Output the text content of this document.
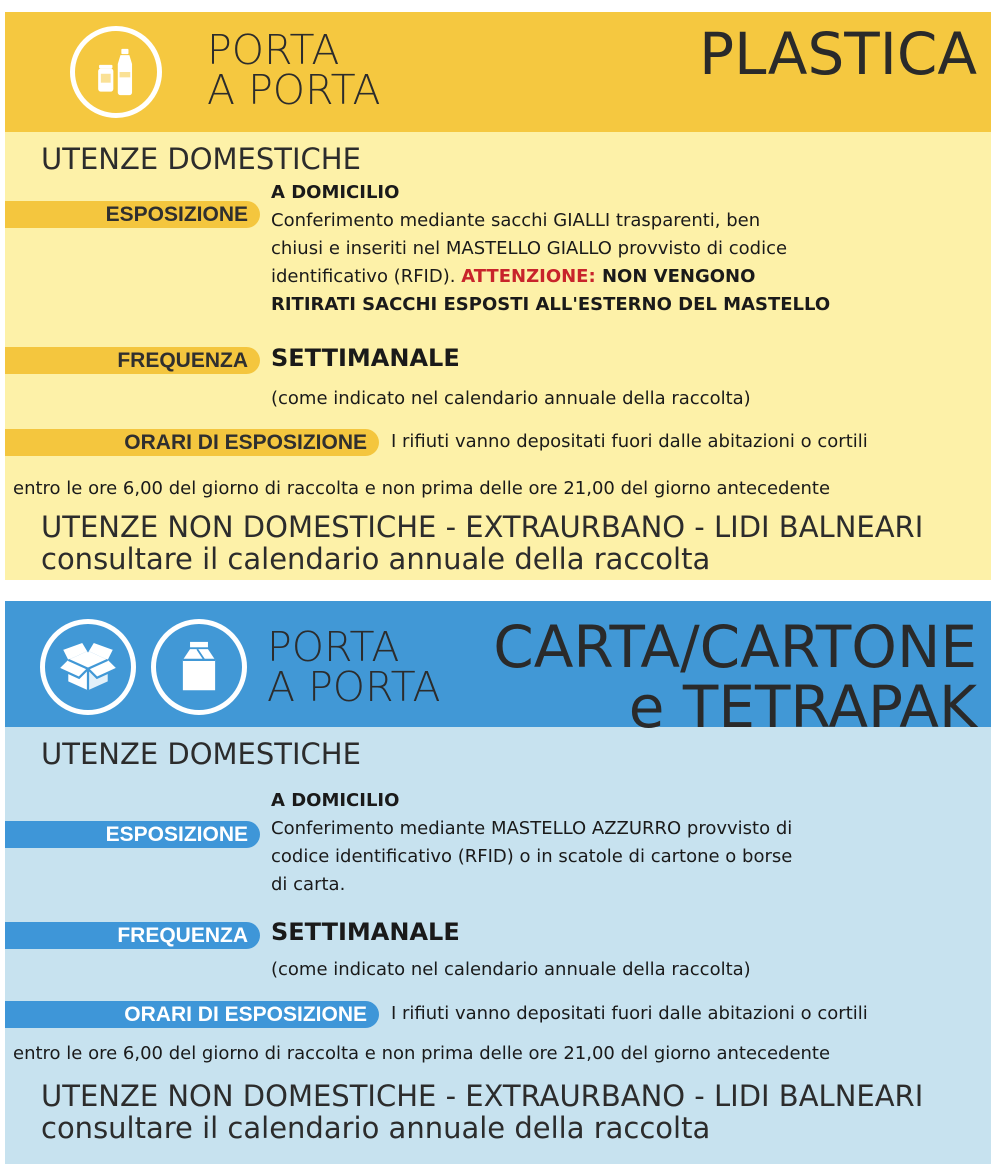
PORTA
A PORTA
PLASTICA
UTENZE DOMESTICHE
ESPOSIZIONE
A DOMICILIO
Conferimento mediante sacchi GIALLI trasparenti, ben
chiusi e inseriti nel MASTELLO GIALLO provvisto di codice
identificativo (RFID). ATTENZIONE: NON VENGONO
RITIRATI SACCHI ESPOSTI ALL'ESTERNO DEL MASTELLO
FREQUENZA SETTIMANALE
(come indicato nel calendario annuale della raccolta)
ORARI DI ESPOSIZIONE	I rifiuti vanno depositati fuori dalle abitazioni o cortili
entro le ore 6,00 del giorno di raccolta e non prima delle ore 21,00 del giorno antecedente
UTENZE NON DOMESTICHE - EXTRAURBANO - LIDI BALNEARI
consultare il calendario annuale della raccolta
PORTA
A PORTA
CARTA/CARTONE
e TETRAPAK
UTENZE DOMESTICHE
ESPOSIZIONE
A DOMICILIO
Conferimento mediante MASTELLO AZZURRO provvisto di
codice identificativo (RFID) o in scatole di cartone o borse
di carta.
FREQUENZA SETTIMANALE
(come indicato nel calendario annuale della raccolta)
ORARI DI ESPOSIZIONE	I rifiuti vanno depositati fuori dalle abitazioni o cortili
entro le ore 6,00 del giorno di raccolta e non prima delle ore 21,00 del giorno antecedente
UTENZE NON DOMESTICHE - EXTRAURBANO - LIDI BALNEARI
consultare il calendario annuale della raccolta
